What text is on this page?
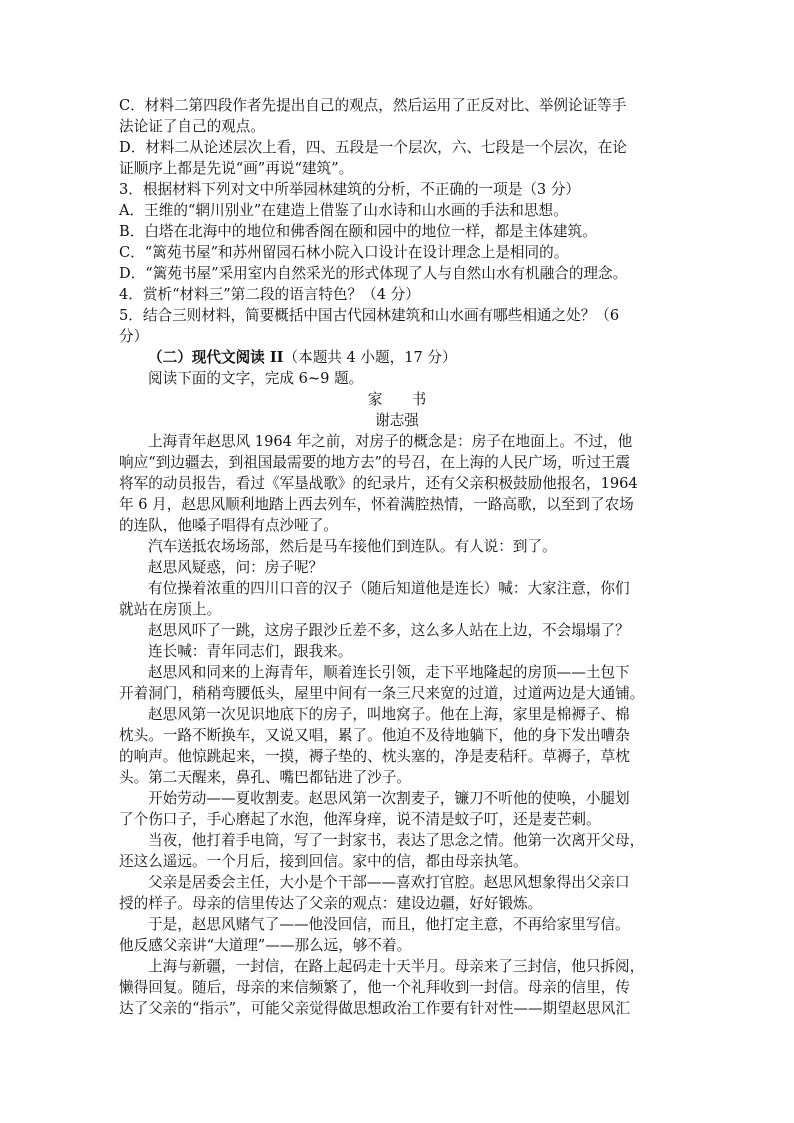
C．材料二第四段作者先提出自己的观点，然后运用了正反对比、举例论证等手
法论证了自己的观点。
D．材料二从论述层次上看，四、五段是一个层次，六、七段是一个层次，在论
证顺序上都是先说“画”再说“建筑”。
3．根据材料下列对文中所举园林建筑的分析，不正确的一项是（3 分）
A．王维的“辋川别业”在建造上借鉴了山水诗和山水画的手法和思想。
B．白塔在北海中的地位和佛香阁在颐和园中的地位一样，都是主体建筑。
C．“篱苑书屋”和苏州留园石林小院入口设计在设计理念上是相同的。
D．“篱苑书屋”采用室内自然采光的形式体现了人与自然山水有机融合的理念。
4．赏析“材料三”第二段的语言特色？（4 分）
5．结合三则材料，简要概括中国古代园林建筑和山水画有哪些相通之处？（6
分）
（二）现代文阅读 II（本题共 4 小题，17 分）
阅读下面的文字，完成 6~9 题。
家　　书
谢志强
上海青年赵思风 1964 年之前，对房子的概念是：房子在地面上。不过，他
响应“到边疆去，到祖国最需要的地方去”的号召，在上海的人民广场，听过王震
将军的动员报告，看过《军垦战歌》的纪录片，还有父亲积极鼓励他报名，1964
年 6 月，赵思风顺利地踏上西去列车，怀着满腔热情，一路高歌，以至到了农场
的连队，他嗓子唱得有点沙哑了。
汽车送抵农场场部，然后是马车接他们到连队。有人说：到了。
赵思风疑惑，问：房子呢？
有位操着浓重的四川口音的汉子（随后知道他是连长）喊：大家注意，你们
就站在房顶上。
赵思风吓了一跳，这房子跟沙丘差不多，这么多人站在上边，不会塌塌了？
连长喊：青年同志们，跟我来。
赵思风和同来的上海青年，顺着连长引领，走下平地隆起的房顶——土包下
开着洞门，稍稍弯腰低头，屋里中间有一条三尺来宽的过道，过道两边是大通铺。
赵思风第一次见识地底下的房子，叫地窝子。他在上海，家里是棉褥子、棉
枕头。一路不断换车，又说又唱，累了。他迫不及待地躺下，他的身下发出嘈杂
的响声。他惊跳起来，一摸，褥子垫的、枕头塞的，净是麦秸秆。草褥子，草枕
头。第二天醒来，鼻孔、嘴巴都钻进了沙子。
开始劳动——夏收割麦。赵思风第一次割麦子，镰刀不听他的使唤，小腿划
了个伤口子，手心磨起了水泡，他浑身痒，说不清是蚊子叮，还是麦芒刺。
当夜，他打着手电筒，写了一封家书，表达了思念之情。他第一次离开父母，
还这么遥远。一个月后，接到回信。家中的信，都由母亲执笔。
父亲是居委会主任，大小是个干部——喜欢打官腔。赵思风想象得出父亲口
授的样子。母亲的信里传达了父亲的观点：建设边疆，好好锻炼。
于是，赵思风赌气了——他没回信，而且，他打定主意，不再给家里写信。
他反感父亲讲“大道理”——那么远，够不着。
上海与新疆，一封信，在路上起码走十天半月。母亲来了三封信，他只拆阅，
懒得回复。随后，母亲的来信频繁了，他一个礼拜收到一封信。母亲的信里，传
达了父亲的“指示”，可能父亲觉得做思想政治工作要有针对性——期望赵思风汇
